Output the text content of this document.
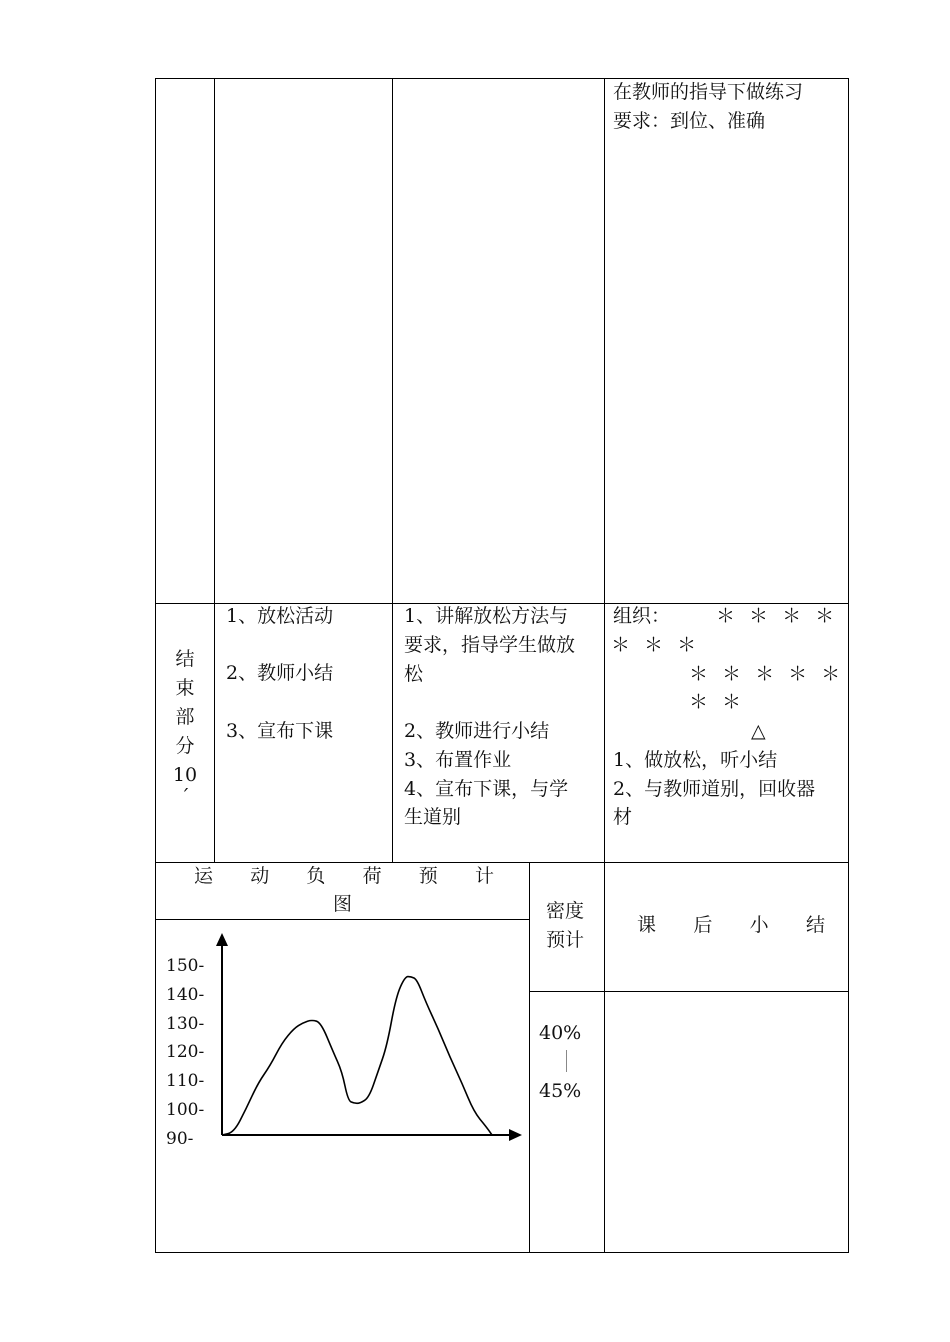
在教师的指导下做练习
要求：到位、准确
结
束
部
分
10
´
1、放松活动
2、教师小结
3、宣布下课
1、讲解放松方法与
要求，指导学生做放
松
2、教师进行小结
3、布置作业
4、宣布下课，与学
生道别
组织： ＊ ＊ ＊ ＊
＊ ＊ ＊
＊ ＊ ＊ ＊ ＊
＊ ＊
△
1、做放松，听小结
2、与教师道别，回收器
材
运 动 负 荷 预 计
图	密度
预计
40%
45%
课 后 小 结
150-
140-
130-
120-
110-
100-
90-
